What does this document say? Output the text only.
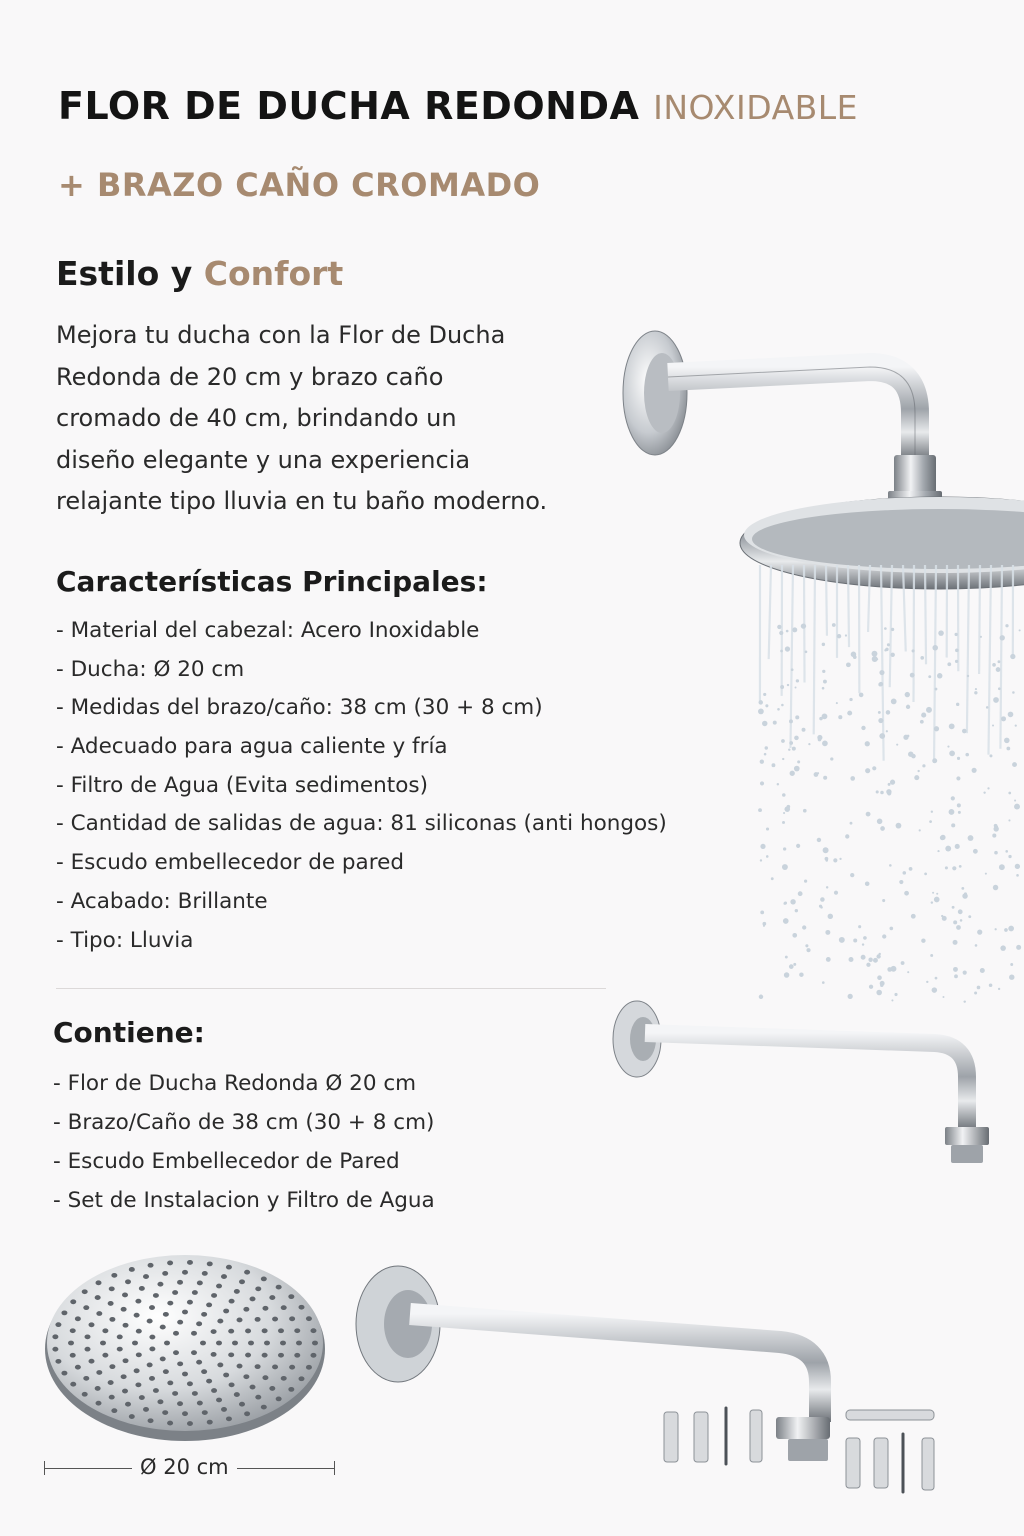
FLOR DE DUCHA REDONDA INOXIDABLE
+ BRAZO CAÑO CROMADO
Estilo y Confort
Mejora tu ducha con la Flor de Ducha
Redonda de 20 cm y brazo caño
cromado de 40 cm, brindando un
diseño elegante y una experiencia
relajante tipo lluvia en tu baño moderno.
Características Principales:
- Material del cabezal: Acero Inoxidable
- Ducha: Ø 20 cm
- Medidas del brazo/caño: 38 cm (30 + 8 cm)
- Adecuado para agua caliente y fría
- Filtro de Agua (Evita sedimentos)
- Cantidad de salidas de agua: 81 siliconas (anti hongos)
- Escudo embellecedor de pared
- Acabado: Brillante
- Tipo: Lluvia
Contiene:
- Flor de Ducha Redonda Ø 20 cm
- Brazo/Caño de 38 cm (30 + 8 cm)
- Escudo Embellecedor de Pared
- Set de Instalacion y Filtro de Agua
Ø 20 cm
